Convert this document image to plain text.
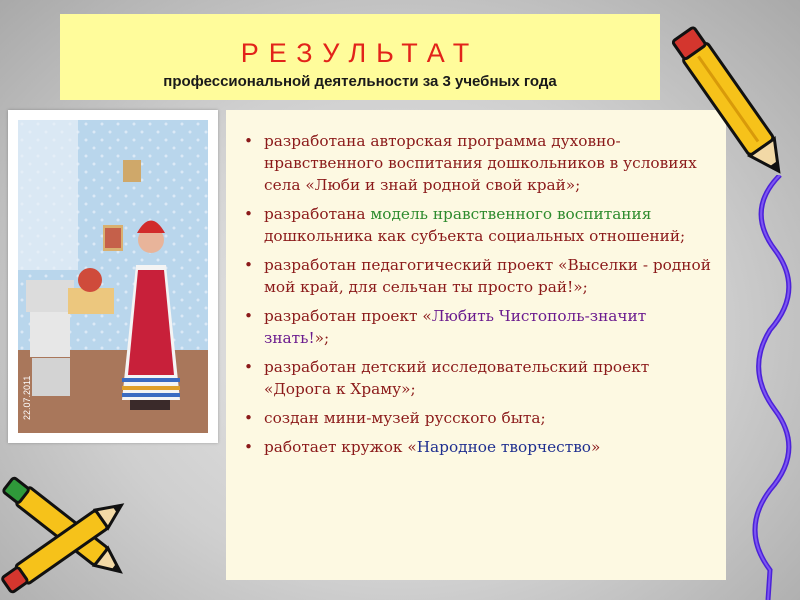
РЕЗУЛЬТАТ
профессиональной деятельности за 3 учебных года
22.07.2011
• разработана авторская программа духовно-нравственного воспитания дошкольников в условиях села «Люби и знай родной свой край»;
• разработана модель нравственного воспитания дошкольника как субъекта социальных отношений;
• разработан педагогический проект «Выселки - родной мой край, для сельчан ты просто рай!»;
• разработан проект «Любить Чистополь-значит знать!»;
• разработан детский исследовательский проект «Дорога к Храму»;
• создан мини-музей русского быта;
• работает кружок «Народное творчество»
